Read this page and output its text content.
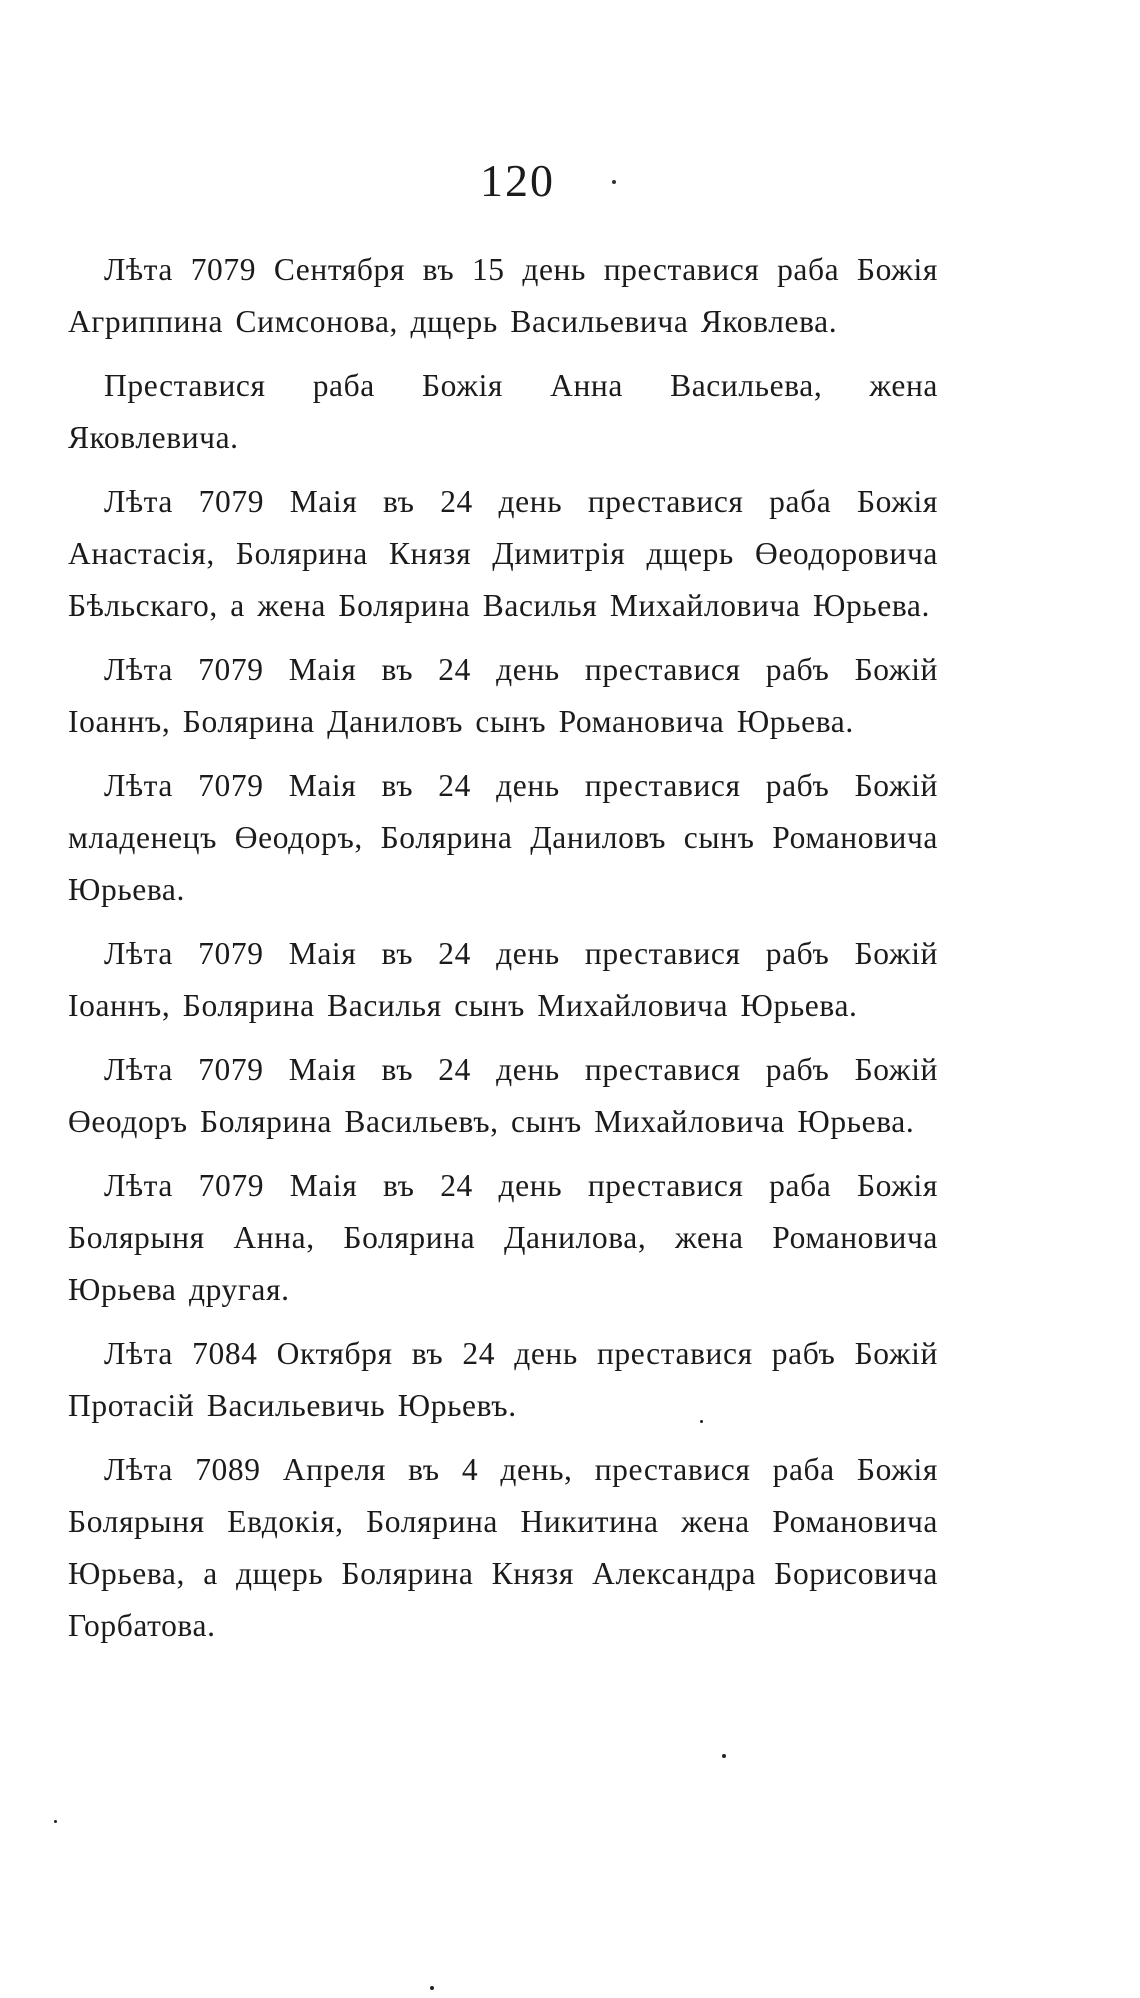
120

Лѣта 7079 Сентября въ 15 день преставися раба Божія Агриппина Симсонова, дщерь Васильевича Яковлева.

Преставися раба Божія Анна Васильева, жена Яковлевича.

Лѣта 7079 Маія въ 24 день преставися раба Божія Анастасія, Болярина Князя Димитрія дщерь Өеодоровича Бѣльскаго, а жена Болярина Василья Михайловича Юрьева.

Лѣта 7079 Маія въ 24 день преставися рабъ Божій Іоаннъ, Болярина Даниловъ сынъ Романовича Юрьева.

Лѣта 7079 Маія въ 24 день преставися рабъ Божій младенецъ Өеодоръ, Болярина Даниловъ сынъ Романовича Юрьева.

Лѣта 7079 Маія въ 24 день преставися рабъ Божій Іоаннъ, Болярина Василья сынъ Михайловича Юрьева.

Лѣта 7079 Маія въ 24 день преставися рабъ Божій Өеодоръ Болярина Васильевъ, сынъ Михайловича Юрьева.

Лѣта 7079 Маія въ 24 день преставися раба Божія Болярыня Анна, Болярина Данилова, жена Романовича Юрьева другая.

Лѣта 7084 Октября въ 24 день преставися рабъ Божій Протасій Васильевичь Юрьевъ.

Лѣта 7089 Апреля въ 4 день, преставися раба Божія Болярыня Евдокія, Болярина Никитина жена Романовича Юрьева, а дщерь Болярина Князя Александра Борисовича Горбатова.
